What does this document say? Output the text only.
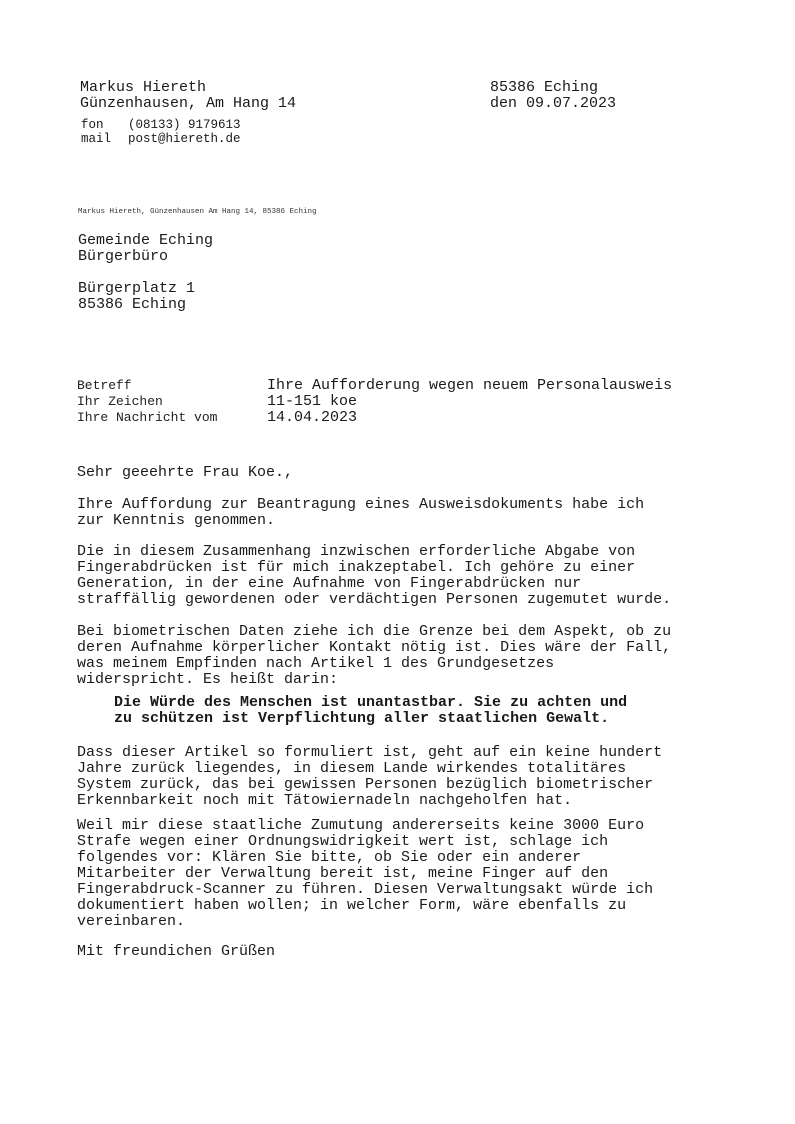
Markus Hiereth
Günzenhausen, Am Hang 14
fon (08133) 9179613
mail post@hiereth.de
85386 Eching
den 09.07.2023
Markus Hiereth, Günzenhausen Am Hang 14, 85386 Eching
Gemeinde Eching
Bürgerbüro
Bürgerplatz 1
85386 Eching
Betreff	Ihre Aufforderung wegen neuem Personalausweis
Ihr Zeichen	11-151 koe
Ihre Nachricht vom	14.04.2023
Sehr geeehrte Frau Koe.,
Ihre Auffordung zur Beantragung eines Ausweisdokuments habe ich
zur Kenntnis genommen.
Die in diesem Zusammenhang inzwischen erforderliche Abgabe von
Fingerabdrücken ist für mich inakzeptabel. Ich gehöre zu einer
Generation, in der eine Aufnahme von Fingerabdrücken nur
straffällig gewordenen oder verdächtigen Personen zugemutet wurde.
Bei biometrischen Daten ziehe ich die Grenze bei dem Aspekt, ob zu
deren Aufnahme körperlicher Kontakt nötig ist. Dies wäre der Fall,
was meinem Empfinden nach Artikel 1 des Grundgesetzes
widerspricht. Es heißt darin:
Die Würde des Menschen ist unantastbar. Sie zu achten und
zu schützen ist Verpflichtung aller staatlichen Gewalt.
Dass dieser Artikel so formuliert ist, geht auf ein keine hundert
Jahre zurück liegendes, in diesem Lande wirkendes totalitäres
System zurück, das bei gewissen Personen bezüglich biometrischer
Erkennbarkeit noch mit Tätowiernadeln nachgeholfen hat.
Weil mir diese staatliche Zumutung andererseits keine 3000 Euro
Strafe wegen einer Ordnungswidrigkeit wert ist, schlage ich
folgendes vor: Klären Sie bitte, ob Sie oder ein anderer
Mitarbeiter der Verwaltung bereit ist, meine Finger auf den
Fingerabdruck-Scanner zu führen. Diesen Verwaltungsakt würde ich
dokumentiert haben wollen; in welcher Form, wäre ebenfalls zu
vereinbaren.
Mit freundichen Grüßen
